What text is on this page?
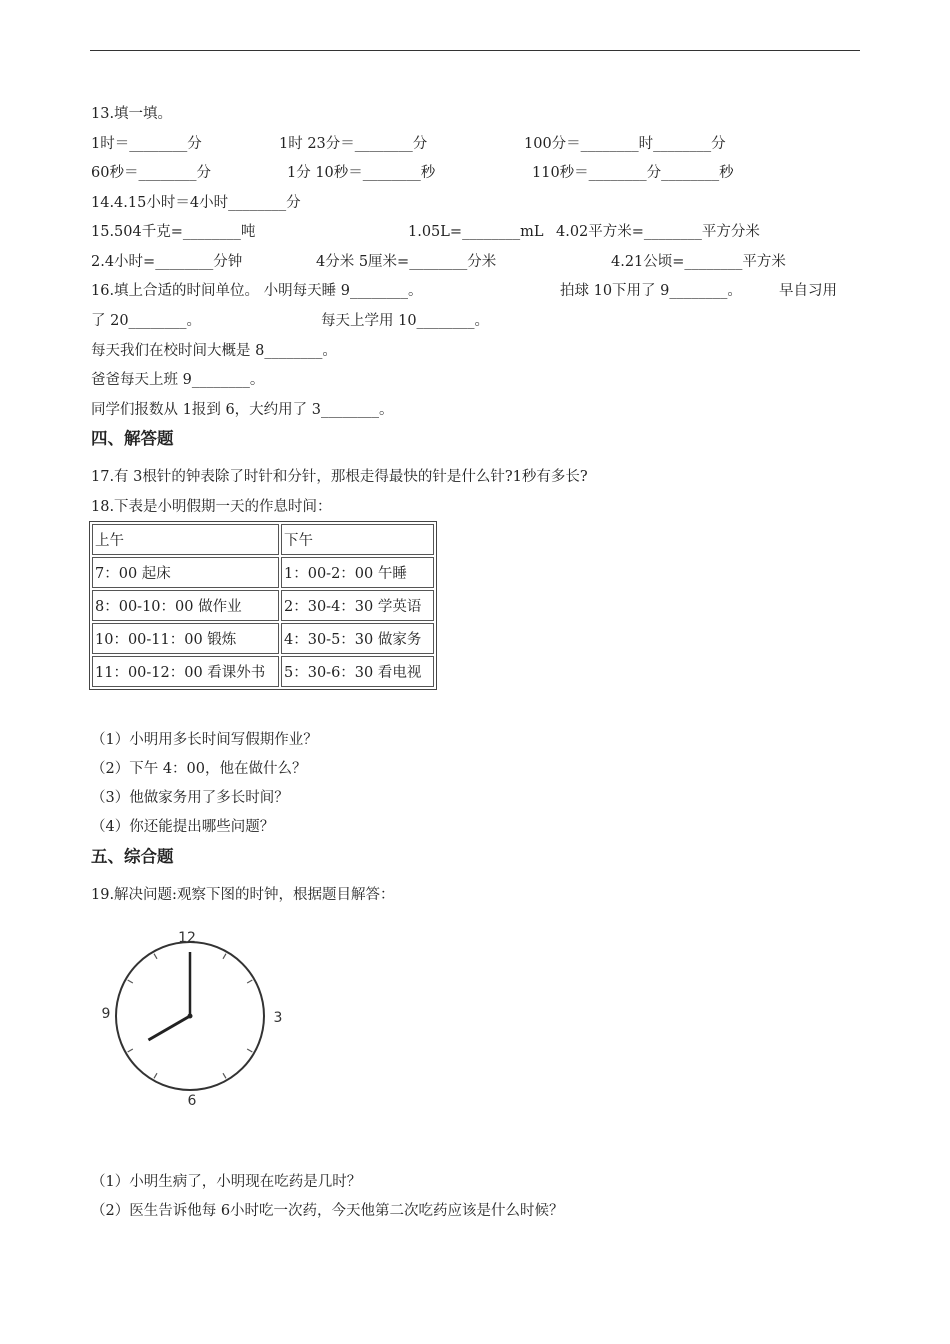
13.填一填。
1时＝________分	1时 23分＝________分	100分＝________时________分
60秒＝________分	1分 10秒＝________秒	110秒＝________分________秒
14.4.15小时＝4小时________分
15.504千克=________吨	1.05L=________mL 4.02平方米=________平方分米
2.4小时=________分钟	4分米 5厘米=________分米	4.21公顷=________平方米
16.填上合适的时间单位。 小明每天睡 9________。	拍球 10下用了 9________。	早自习用
了 20________。	每天上学用 10________。
每天我们在校时间大概是 8________。
爸爸每天上班 9________。
同学们报数从 1报到 6，大约用了 3________。
四、解答题
17.有 3根针的钟表除了时针和分针，那根走得最快的针是什么针?1秒有多长?
18.下表是小明假期一天的作息时间：
上午	下午
7：00 起床	1：00-2：00 午睡
8：00-10：00 做作业	2：30-4：30 学英语
10：00-11：00 锻炼	4：30-5：30 做家务
11：00-12：00 看课外书	5：30-6：30 看电视
（1）小明用多长时间写假期作业？
（2）下午 4：00，他在做什么？
（3）他做家务用了多长时间？
（4）你还能提出哪些问题？
五、综合题
19.解决问题:观察下图的时钟，根据题目解答：
12
3
6
9
（1）小明生病了，小明现在吃药是几时？
（2）医生告诉他每 6小时吃一次药，今天他第二次吃药应该是什么时候？
